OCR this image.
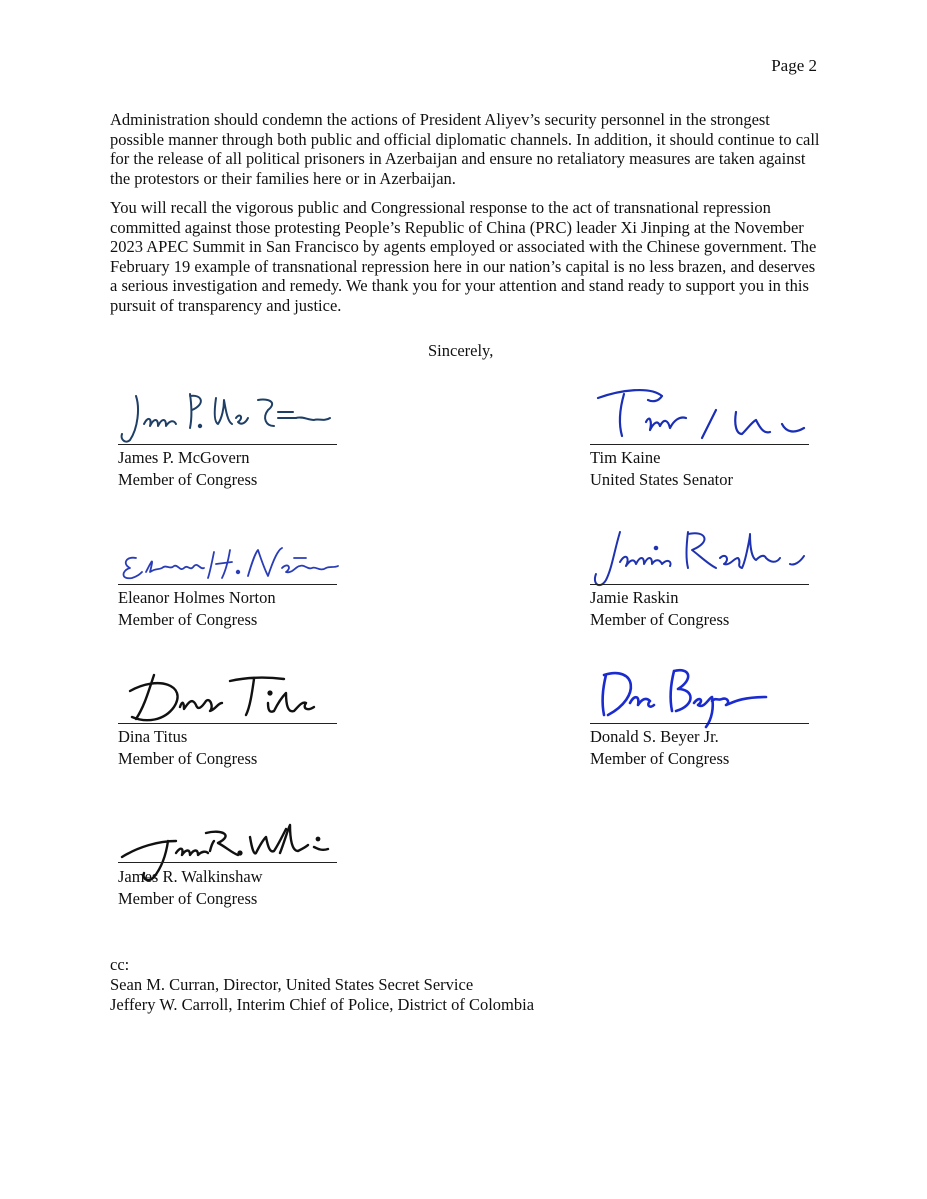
Page 2

Administration should condemn the actions of President Aliyev’s security personnel in the strongest possible manner through both public and official diplomatic channels. In addition, it should continue to call for the release of all political prisoners in Azerbaijan and ensure no retaliatory measures are taken against the protestors or their families here or in Azerbaijan.

You will recall the vigorous public and Congressional response to the act of transnational repression committed against those protesting People’s Republic of China (PRC) leader Xi Jinping at the November 2023 APEC Summit in San Francisco by agents employed or associated with the Chinese government. The February 19 example of transnational repression here in our nation’s capital is no less brazen, and deserves a serious investigation and remedy. We thank you for your attention and stand ready to support you in this pursuit of transparency and justice.

Sincerely,
James P. McGovern
Member of Congress
Tim Kaine
United States Senator
Eleanor Holmes Norton
Member of Congress
Jamie Raskin
Member of Congress
Dina Titus
Member of Congress
Donald S. Beyer Jr.
Member of Congress
James R. Walkinshaw
Member of Congress
cc:
Sean M. Curran, Director, United States Secret Service
Jeffery W. Carroll, Interim Chief of Police, District of Colombia
